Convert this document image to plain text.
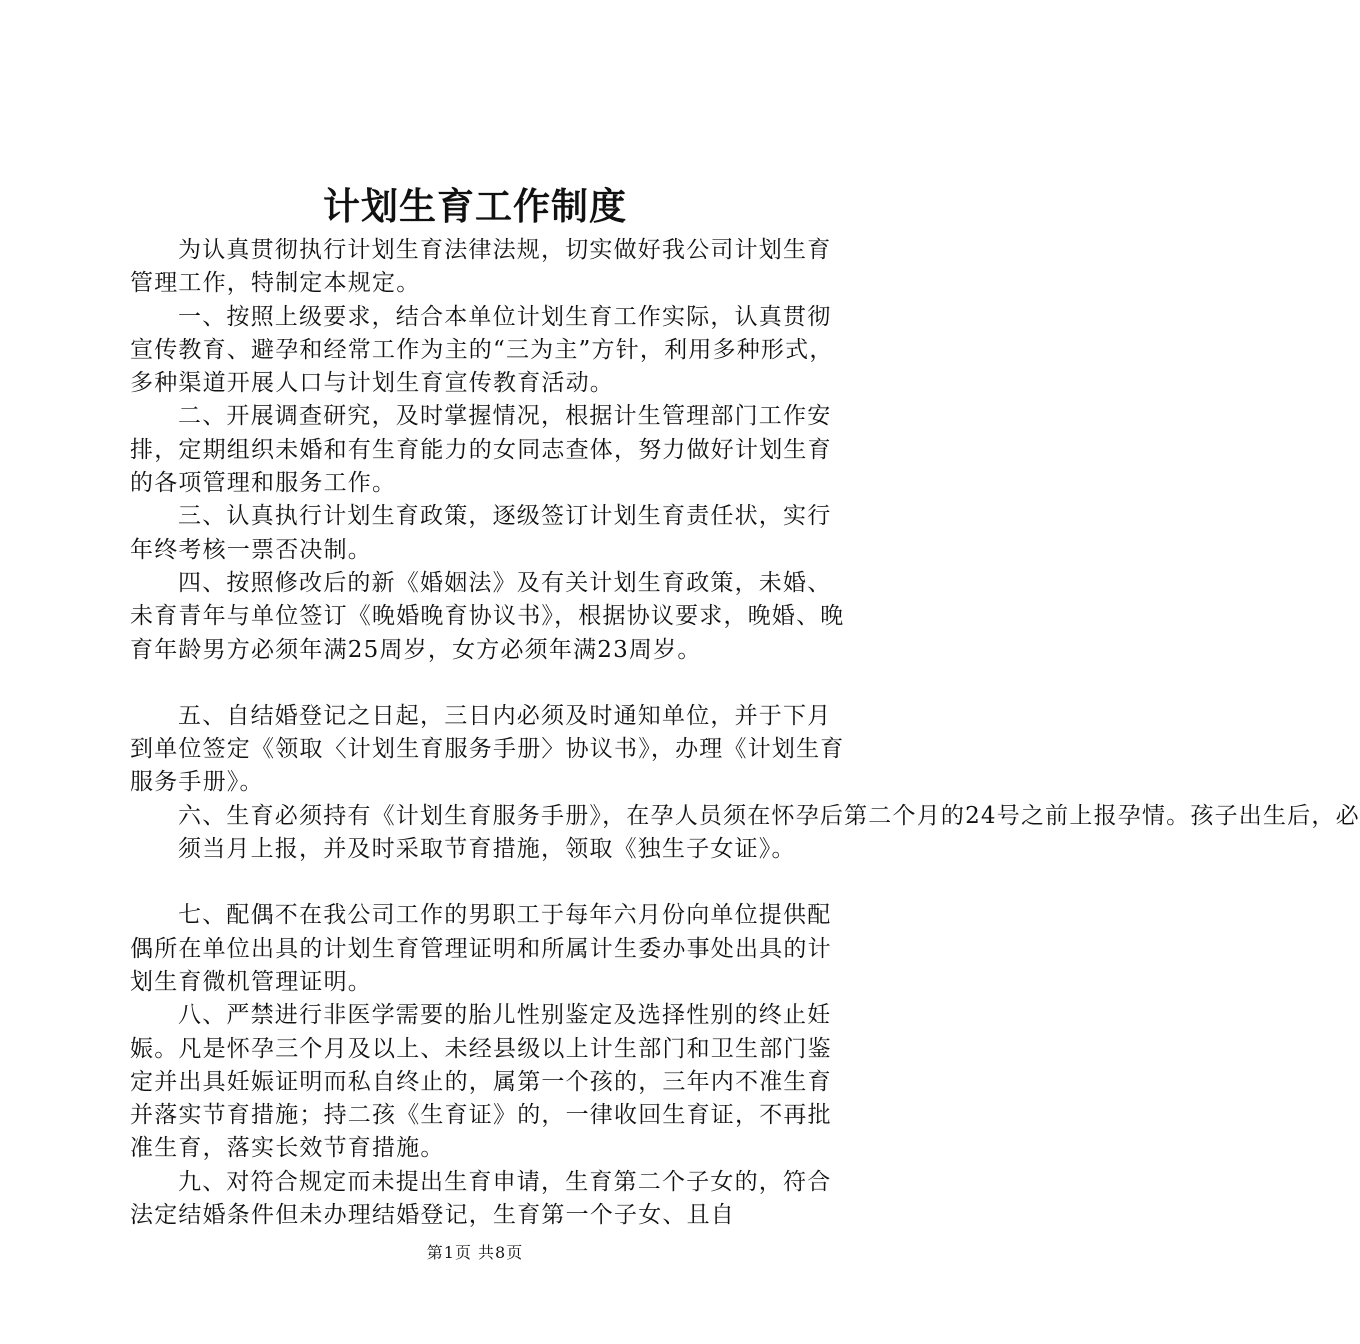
计划生育工作制度

为认真贯彻执行计划生育法律法规，切实做好我公司计划生育管理工作，特制定本规定。

一、按照上级要求，结合本单位计划生育工作实际，认真贯彻宣传教育、避孕和经常工作为主的“三为主”方针，利用多种形式，多种渠道开展人口与计划生育宣传教育活动。

二、开展调查研究，及时掌握情况，根据计生管理部门工作安排，定期组织未婚和有生育能力的女同志查体，努力做好计划生育的各项管理和服务工作。

三、认真执行计划生育政策，逐级签订计划生育责任状，实行年终考核一票否决制。

四、按照修改后的新《婚姻法》及有关计划生育政策，未婚、未育青年与单位签订《晚婚晚育协议书》，根据协议要求，晚婚、晚育年龄男方必须年满25周岁，女方必须年满23周岁。

五、自结婚登记之日起，三日内必须及时通知单位，并于下月到单位签定《领取〈计划生育服务手册〉协议书》，办理《计划生育服务手册》。

六、生育必须持有《计划生育服务手册》，在孕人员须在怀孕后第二个月的24号之前上报孕情。孩子出生后，必

须当月上报，并及时采取节育措施，领取《独生子女证》。

七、配偶不在我公司工作的男职工于每年六月份向单位提供配偶所在单位出具的计划生育管理证明和所属计生委办事处出具的计划生育微机管理证明。

八、严禁进行非医学需要的胎儿性别鉴定及选择性别的终止妊娠。凡是怀孕三个月及以上、未经县级以上计生部门和卫生部门鉴定并出具妊娠证明而私自终止的，属第一个孩的，三年内不准生育并落实节育措施；持二孩《生育证》的，一律收回生育证，不再批准生育，落实长效节育措施。

九、对符合规定而未提出生育申请，生育第二个子女的，符合法定结婚条件但未办理结婚登记，生育第一个子女、且自

第1页 共8页
